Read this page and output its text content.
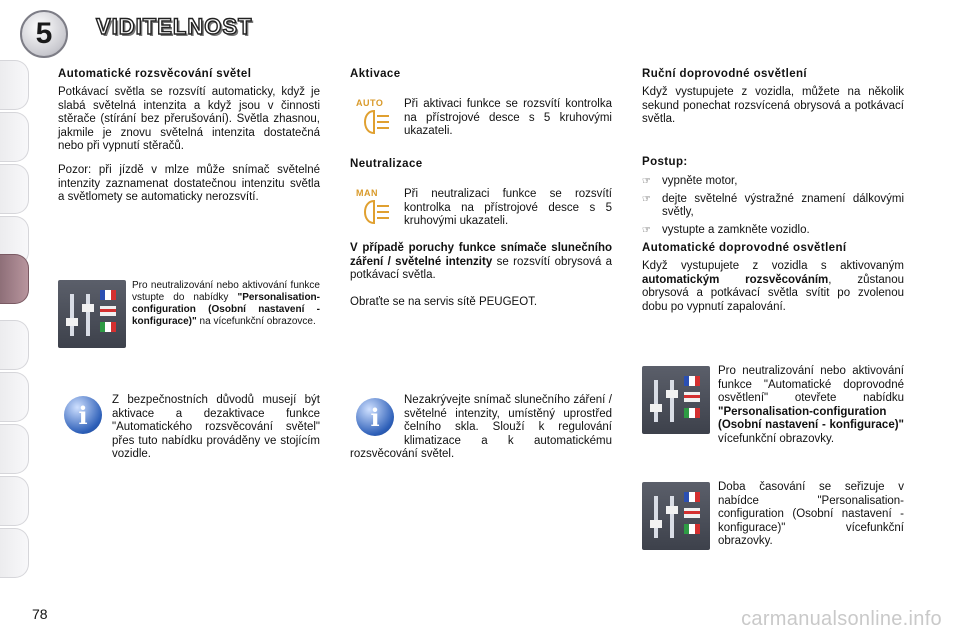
5 VIDITELNOST
Automatické rozsvěcování světel
Potkávací světla se rozsvítí automaticky, když je slabá světelná intenzita a když jsou v činnosti stěrače (stírání bez přerušování). Světla zhasnou, jakmile je znovu světelná intenzita dostatečná nebo při vypnutí stěračů.
Pozor: při jízdě v mlze může snímač světelné intenzity zaznamenat dostatečnou intenzitu světla a světlomety se automaticky nerozsvítí.
Pro neutralizování nebo aktivování funkce vstupte do nabídky "Personalisation-configuration (Osobní nastavení - konfigurace)" na vícefunkční obrazovce.
i
Z bezpečnostních důvodů musejí být aktivace a dezaktivace funkce "Automatického rozsvěcování světel" přes tuto nabídku prováděny ve stojícím vozidle.
Aktivace
AUTO	Při aktivaci funkce se rozsvítí kontrolka na přístrojové desce s 5 kruhovými ukazateli.
Neutralizace
MAN	Při neutralizaci funkce se rozsvítí kontrolka na přístrojové desce s 5 kruhovými ukazateli.
V případě poruchy funkce snímače slunečního záření / světelné intenzity se rozsvítí obrysová a potkávací světla.
Obraťte se na servis sítě PEUGEOT.
i
Nezakrývejte snímač slunečního záření / světelné intenzity, umístěný uprostřed čelního skla. Slouží k regulování klimatizace a k automatickému rozsvěcování světel.
Ruční doprovodné osvětlení
Když vystupujete z vozidla, můžete na několik sekund ponechat rozsvícená obrysová a potkávací světla.
Postup:
☞ vypněte motor,
☞ dejte světelné výstražné znamení dálkovými světly,
☞ vystupte a zamkněte vozidlo.
Automatické doprovodné osvětlení
Když vystupujete z vozidla s aktivovaným automatickým rozsvěcováním, zůstanou obrysová a potkávací světla svítit po zvolenou dobu po vypnutí zapalování.
Pro neutralizování nebo aktivování funkce "Automatické doprovodné osvětlení" otevřete nabídku "Personalisation-configuration (Osobní nastavení - konfigurace)" vícefunkční obrazovky.
Doba časování se seřizuje v nabídce "Personalisation-configuration (Osobní nastavení - konfigurace)" vícefunkční obrazovky.
78	carmanualsonline.info
